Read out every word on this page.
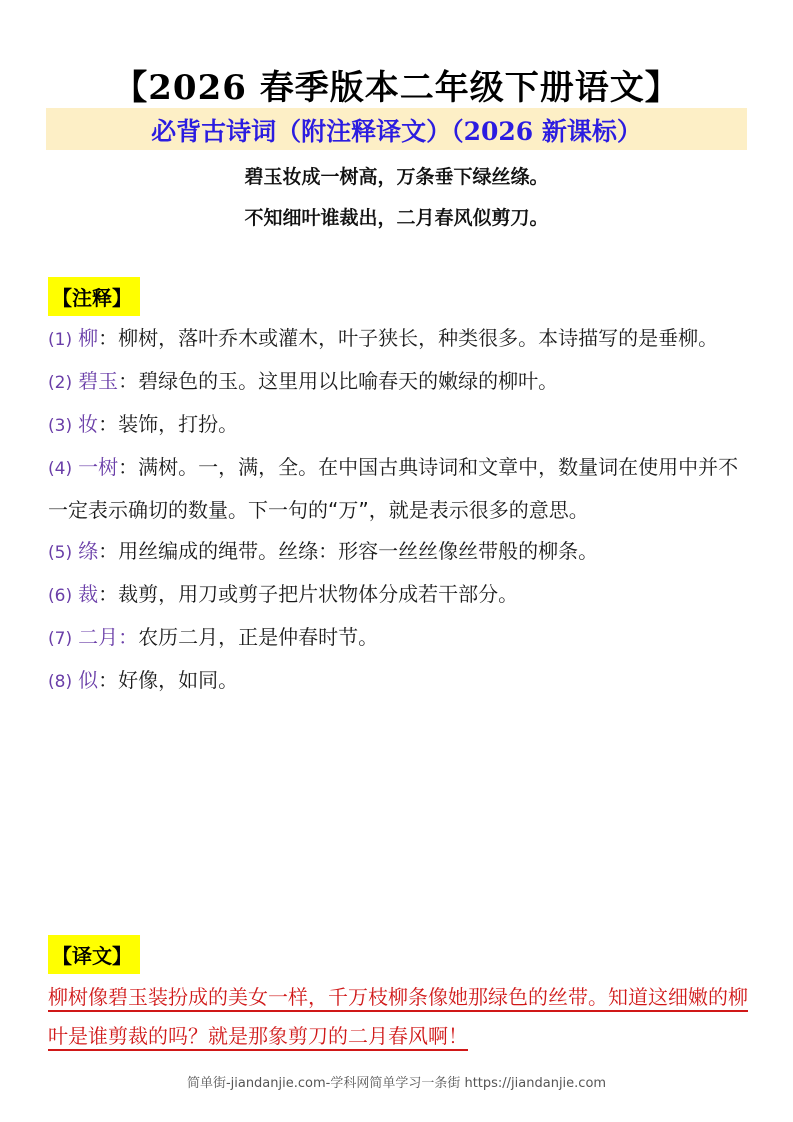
【2026 春季版本二年级下册语文】
必背古诗词（附注释译文）（2026 新课标）
碧玉妆成一树高，万条垂下绿丝绦。
不知细叶谁裁出，二月春风似剪刀。
【注释】

(1) 柳：柳树，落叶乔木或灌木，叶子狭长，种类很多。本诗描写的是垂柳。

(2) 碧玉：碧绿色的玉。这里用以比喻春天的嫩绿的柳叶。

(3) 妆：装饰，打扮。

(4) 一树：满树。一，满，全。在中国古典诗词和文章中，数量词在使用中并不一定表示确切的数量。下一句的“万”，就是表示很多的意思。

(5) 绦：用丝编成的绳带。丝绦：形容一丝丝像丝带般的柳条。

(6) 裁：裁剪，用刀或剪子把片状物体分成若干部分。

(7) 二月：农历二月，正是仲春时节。

(8) 似：好像，如同。

【译文】
柳树像碧玉装扮成的美女一样，千万枝柳条像她那绿色的丝带。知道这细嫩的柳叶是谁剪裁的吗？就是那象剪刀的二月春风啊！
简单街-jiandanjie.com-学科网简单学习一条街 https://jiandanjie.com
